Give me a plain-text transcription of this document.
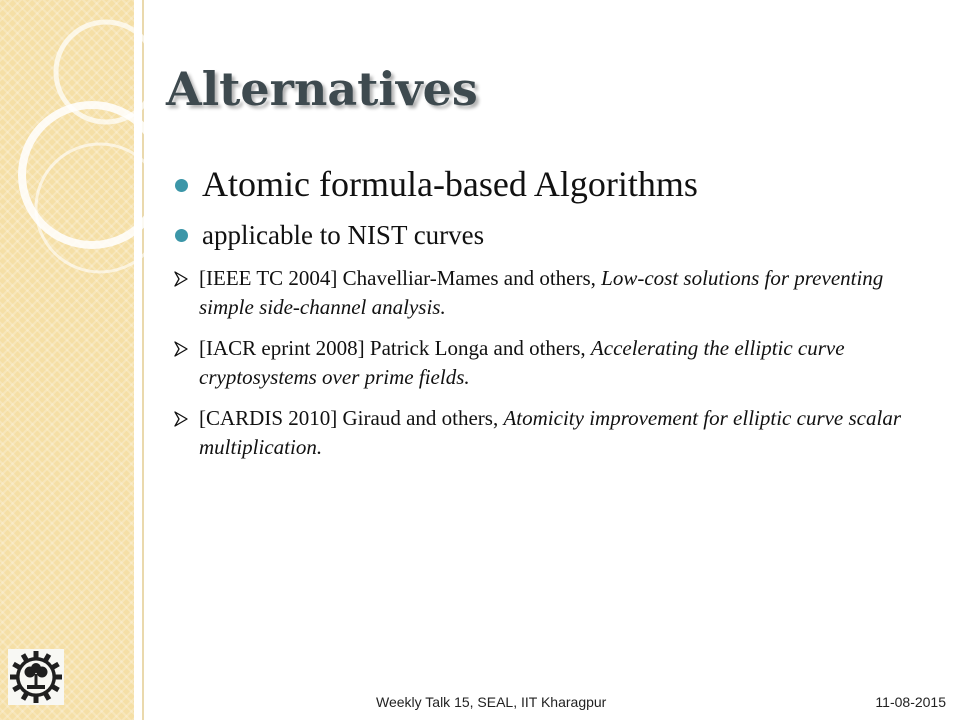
Alternatives
Atomic formula-based Algorithms
applicable to NIST curves
[IEEE TC 2004] Chavelliar-Mames and others, Low-cost solutions for preventing simple side-channel analysis.
[IACR eprint 2008] Patrick Longa and others, Accelerating the elliptic curve cryptosystems over prime fields.
[CARDIS 2010] Giraud and others, Atomicity improvement for elliptic curve scalar multiplication.
Weekly Talk 15, SEAL, IIT Kharagpur	11-08-2015
